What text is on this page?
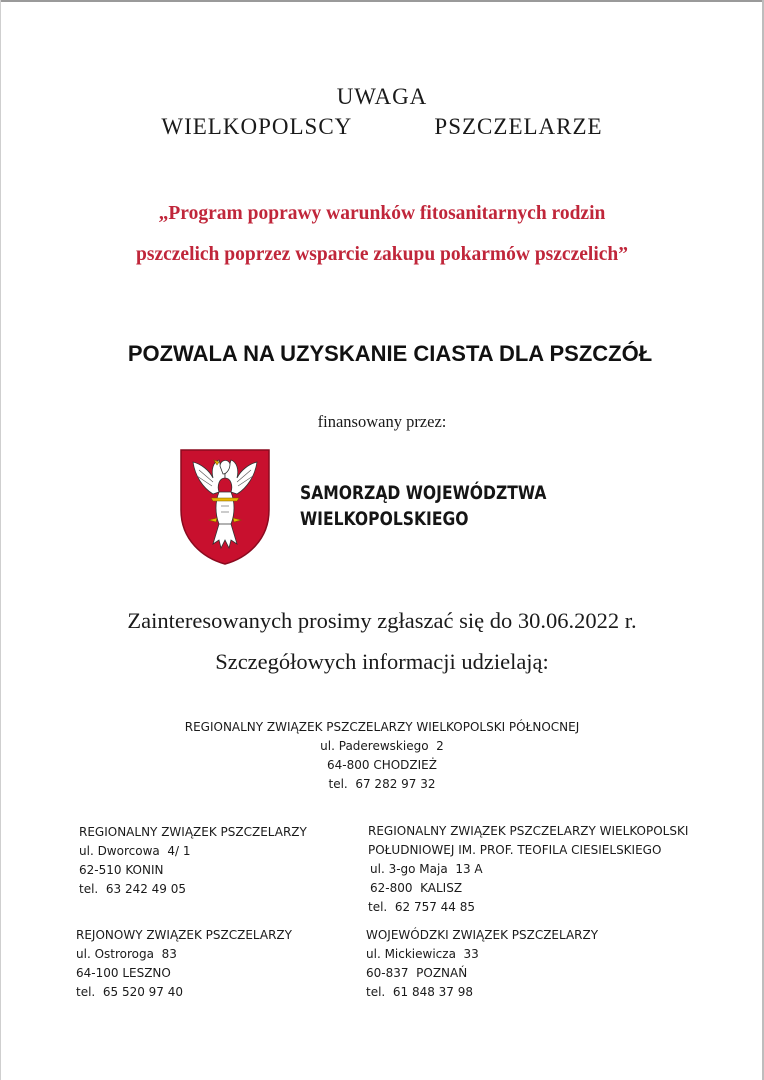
UWAGA
WIELKOPOLSCY    PSZCZELARZE
„Program poprawy warunków fitosanitarnych rodzin
pszczelich poprzez wsparcie zakupu pokarmów pszczelich”
POZWALA NA UZYSKANIE CIASTA DLA PSZCZÓŁ
finansowany przez:
SAMORZĄD WOJEWÓDZTWA
WIELKOPOLSKIEGO
Zainteresowanych prosimy zgłaszać się do 30.06.2022 r.
Szczegółowych informacji udzielają:
REGIONALNY ZWIĄZEK PSZCZELARZY WIELKOPOLSKI PÓŁNOCNEJ
ul. Paderewskiego  2
64-800 CHODZIEŻ
tel.  67 282 97 32
REGIONALNY ZWIĄZEK PSZCZELARZY
ul. Dworcowa  4/ 1
62-510 KONIN
tel.  63 242 49 05
REGIONALNY ZWIĄZEK PSZCZELARZY WIELKOPOLSKI
POŁUDNIOWEJ IM. PROF. TEOFILA CIESIELSKIEGO
ul. 3-go Maja  13 A
62-800  KALISZ
tel.  62 757 44 85
REJONOWY ZWIĄZEK PSZCZELARZY
ul. Ostroroga  83
64-100 LESZNO
tel.  65 520 97 40
WOJEWÓDZKI ZWIĄZEK PSZCZELARZY
ul. Mickiewicza  33
60-837  POZNAŃ
tel.  61 848 37 98
